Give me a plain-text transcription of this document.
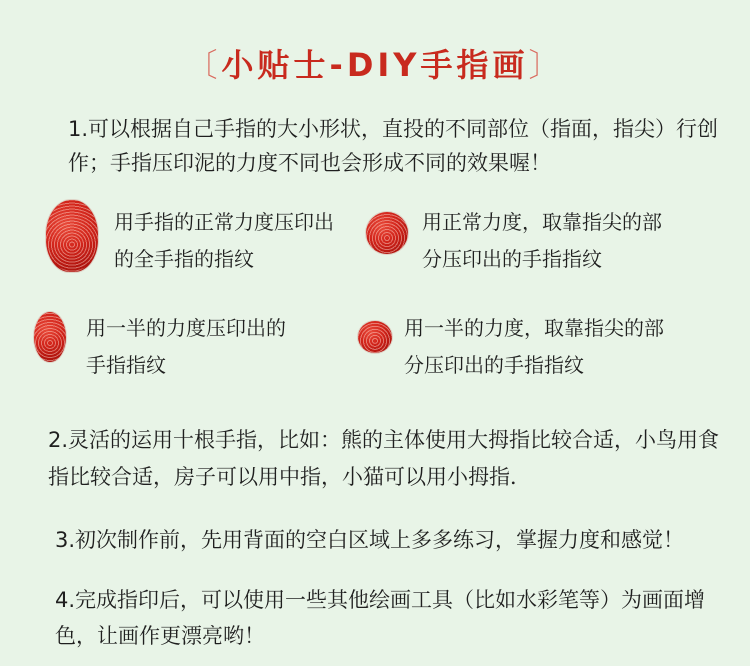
〔小贴士-DIY手指画〕
1.可以根据自己手指的大小形状，直投的不同部位（指面，指尖）行创作；手指压印泥的力度不同也会形成不同的效果喔！
用手指的正常力度压印出的全手指的指纹
用正常力度，取靠指尖的部分压印出的手指指纹
用一半的力度压印出的手指指纹
用一半的力度，取靠指尖的部分压印出的手指指纹
2.灵活的运用十根手指，比如：熊的主体使用大拇指比较合适，小鸟用食指比较合适，房子可以用中指，小猫可以用小拇指．
3.初次制作前，先用背面的空白区域上多多练习，掌握力度和感觉！
4.完成指印后，可以使用一些其他绘画工具（比如水彩笔等）为画面增色，让画作更漂亮哟！
